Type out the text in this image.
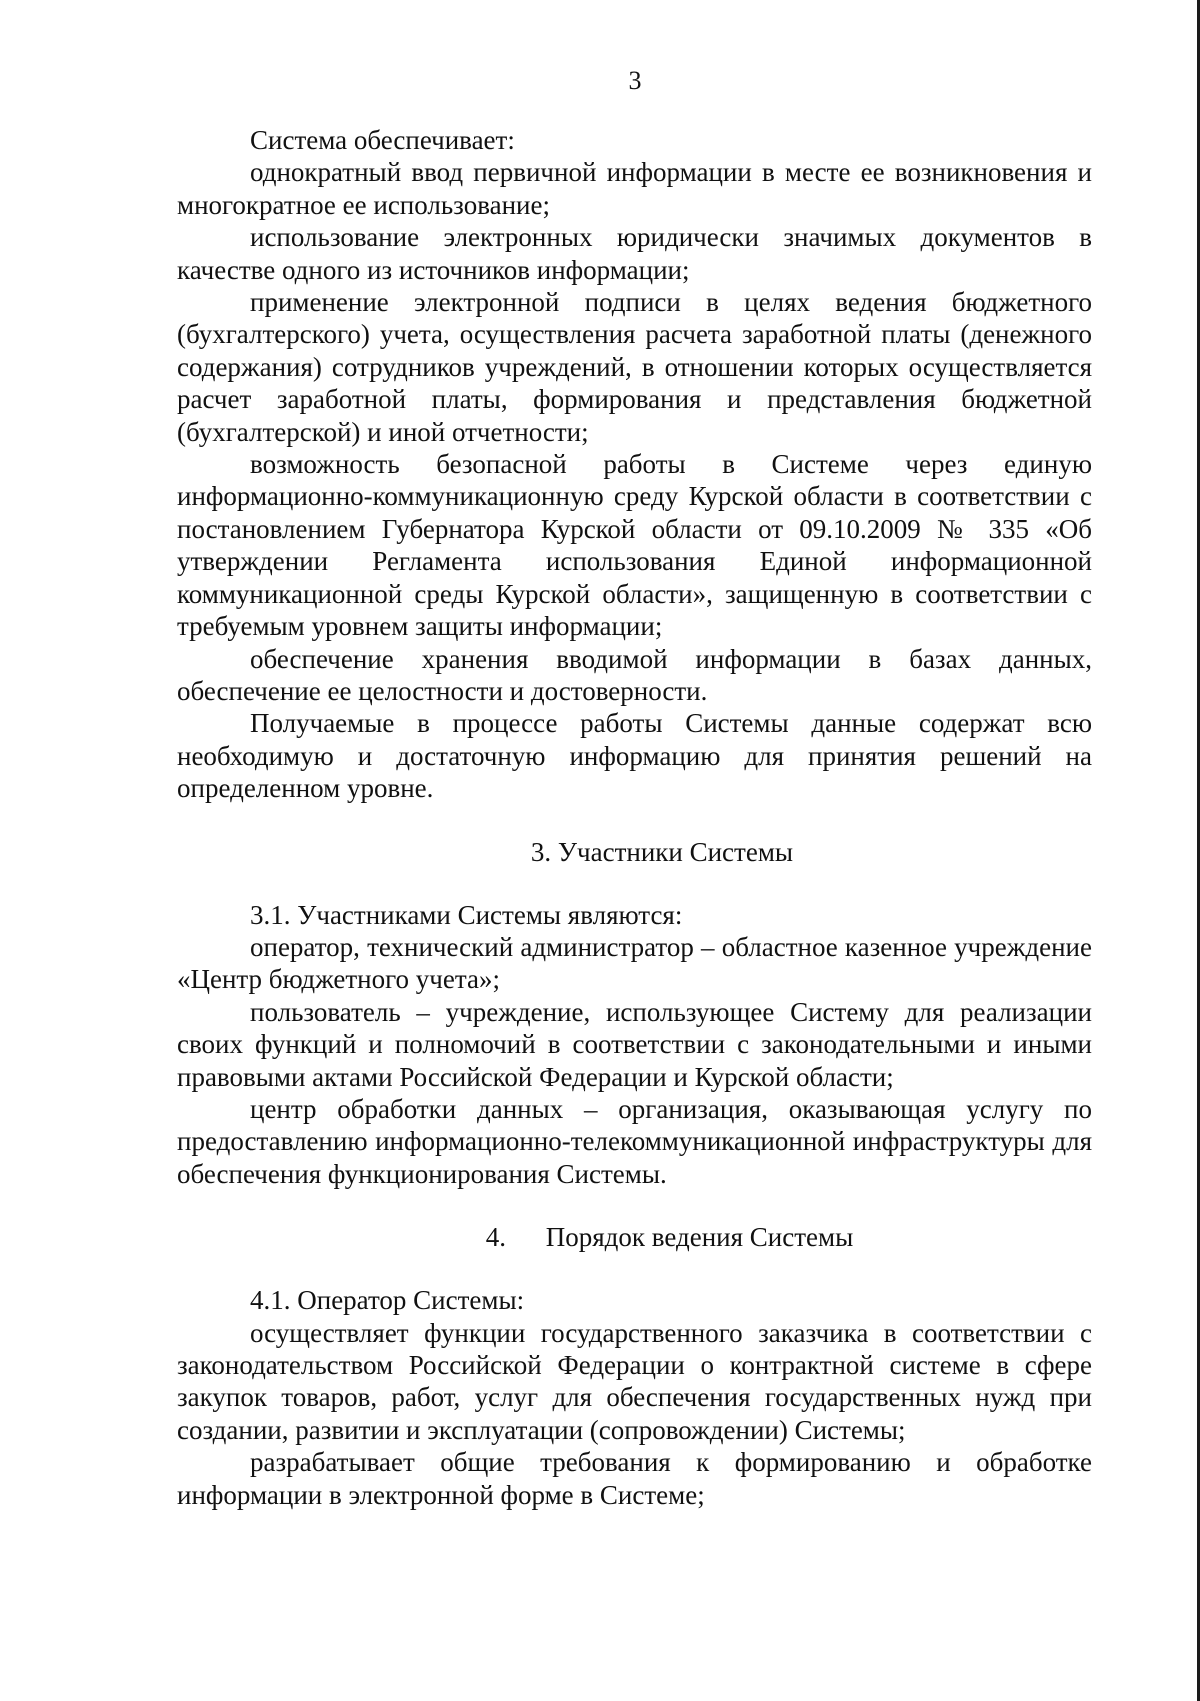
3

Система обеспечивает:

однократный ввод первичной информации в месте ее возникновения и многократное ее использование;

использование электронных юридически значимых документов в качестве одного из источников информации;

применение электронной подписи в целях ведения бюджетного (бухгалтерского) учета, осуществления расчета заработной платы (денежного содержания) сотрудников учреждений, в отношении которых осуществляется расчет заработной платы, формирования и представления бюджетной (бухгалтерской) и иной отчетности;

возможность безопасной работы в Системе через единую информационно-коммуникационную среду Курской области в соответствии с постановлением Губернатора Курской области от 09.10.2009 № 335 «Об утверждении Регламента использования Единой информационной коммуникационной среды Курской области», защищенную в соответствии с требуемым уровнем защиты информации;

обеспечение хранения вводимой информации в базах данных, обеспечение ее целостности и достоверности.

Получаемые в процессе работы Системы данные содержат всю необходимую и достаточную информацию для принятия решений на определенном уровне.

3. Участники Системы

3.1. Участниками Системы являются:

оператор, технический администратор – областное казенное учреждение «Центр бюджетного учета»;

пользователь – учреждение, использующее Систему для реализации своих функций и полномочий в соответствии с законодательными и иными правовыми актами Российской Федерации и Курской области;

центр обработки данных – организация, оказывающая услугу по предоставлению информационно-телекоммуникационной инфраструктуры для обеспечения функционирования Системы.

4. Порядок ведения Системы

4.1. Оператор Системы:

осуществляет функции государственного заказчика в соответствии с законодательством Российской Федерации о контрактной системе в сфере закупок товаров, работ, услуг для обеспечения государственных нужд при создании, развитии и эксплуатации (сопровождении) Системы;

разрабатывает общие требования к формированию и обработке информации в электронной форме в Системе;
